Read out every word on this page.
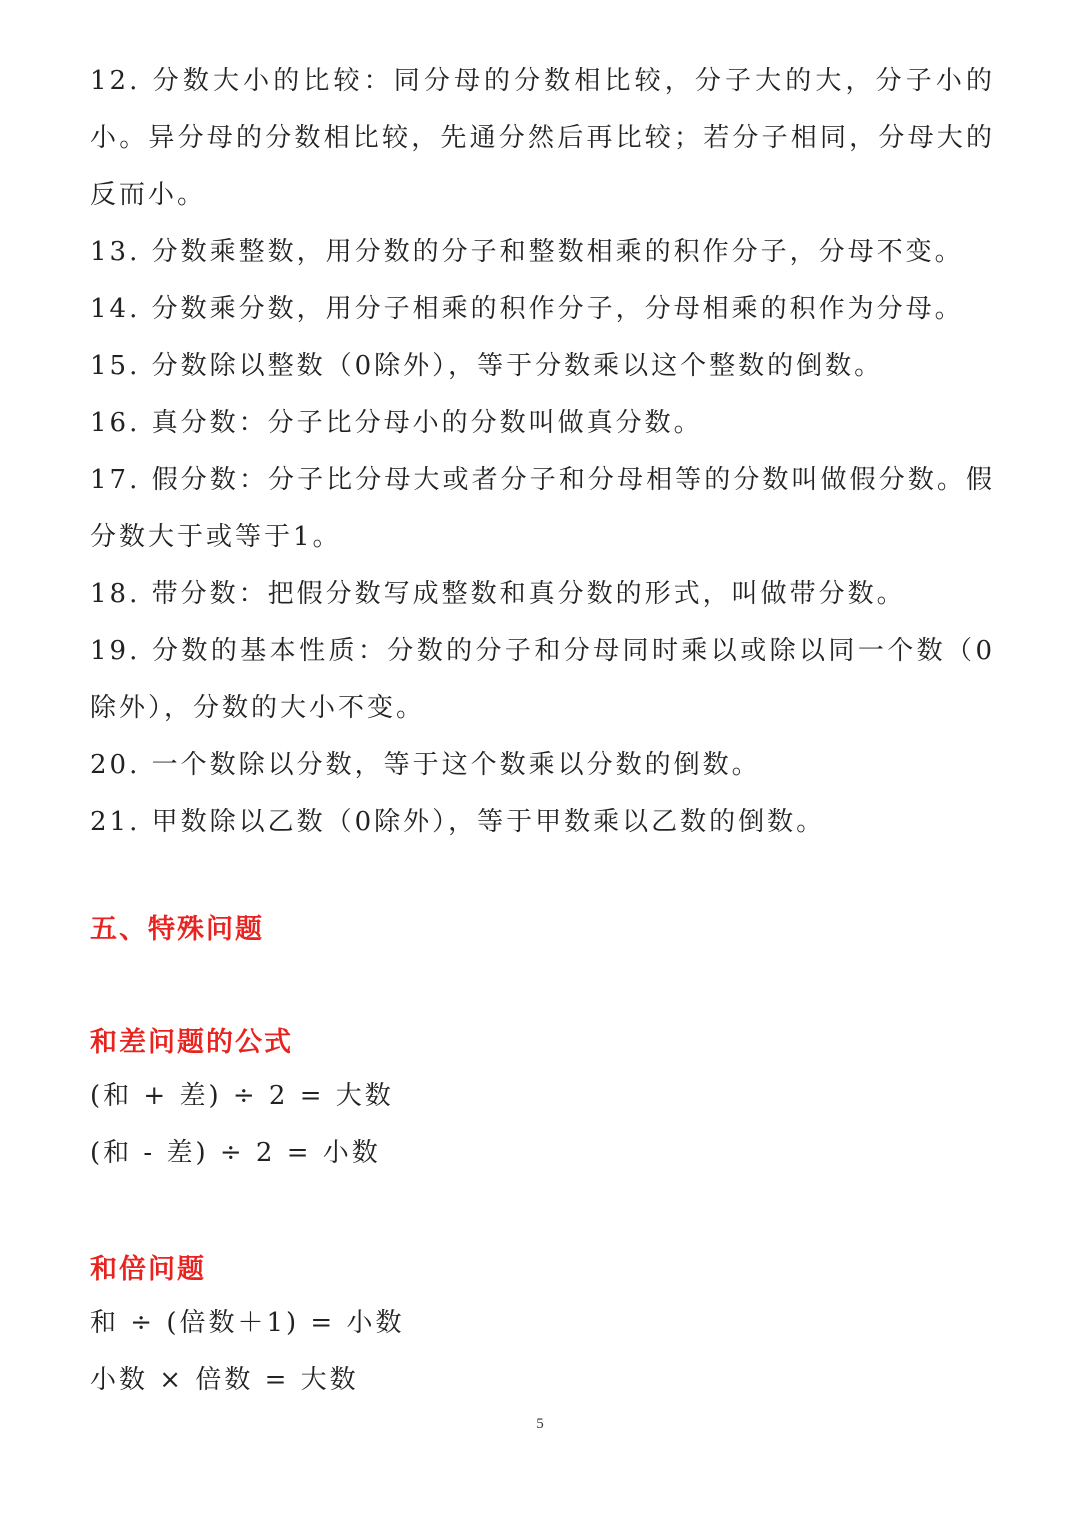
12. 分数大小的比较：同分母的分数相比较，分子大的大，分子小的小。异分母的分数相比较，先通分然后再比较；若分子相同，分母大的反而小。

13. 分数乘整数，用分数的分子和整数相乘的积作分子，分母不变。

14. 分数乘分数，用分子相乘的积作分子，分母相乘的积作为分母。

15. 分数除以整数（0除外），等于分数乘以这个整数的倒数。

16. 真分数：分子比分母小的分数叫做真分数。

17. 假分数：分子比分母大或者分子和分母相等的分数叫做假分数。假分数大于或等于1。

18. 带分数：把假分数写成整数和真分数的形式，叫做带分数。

19. 分数的基本性质：分数的分子和分母同时乘以或除以同一个数（0除外），分数的大小不变。

20. 一个数除以分数，等于这个数乘以分数的倒数。

21. 甲数除以乙数（0除外），等于甲数乘以乙数的倒数。

五、特殊问题
和差问题的公式

(和 + 差) ÷ 2 = 大数

(和 - 差) ÷ 2 = 小数

和倍问题

和 ÷ (倍数＋1) = 小数

小数 × 倍数 = 大数

5
